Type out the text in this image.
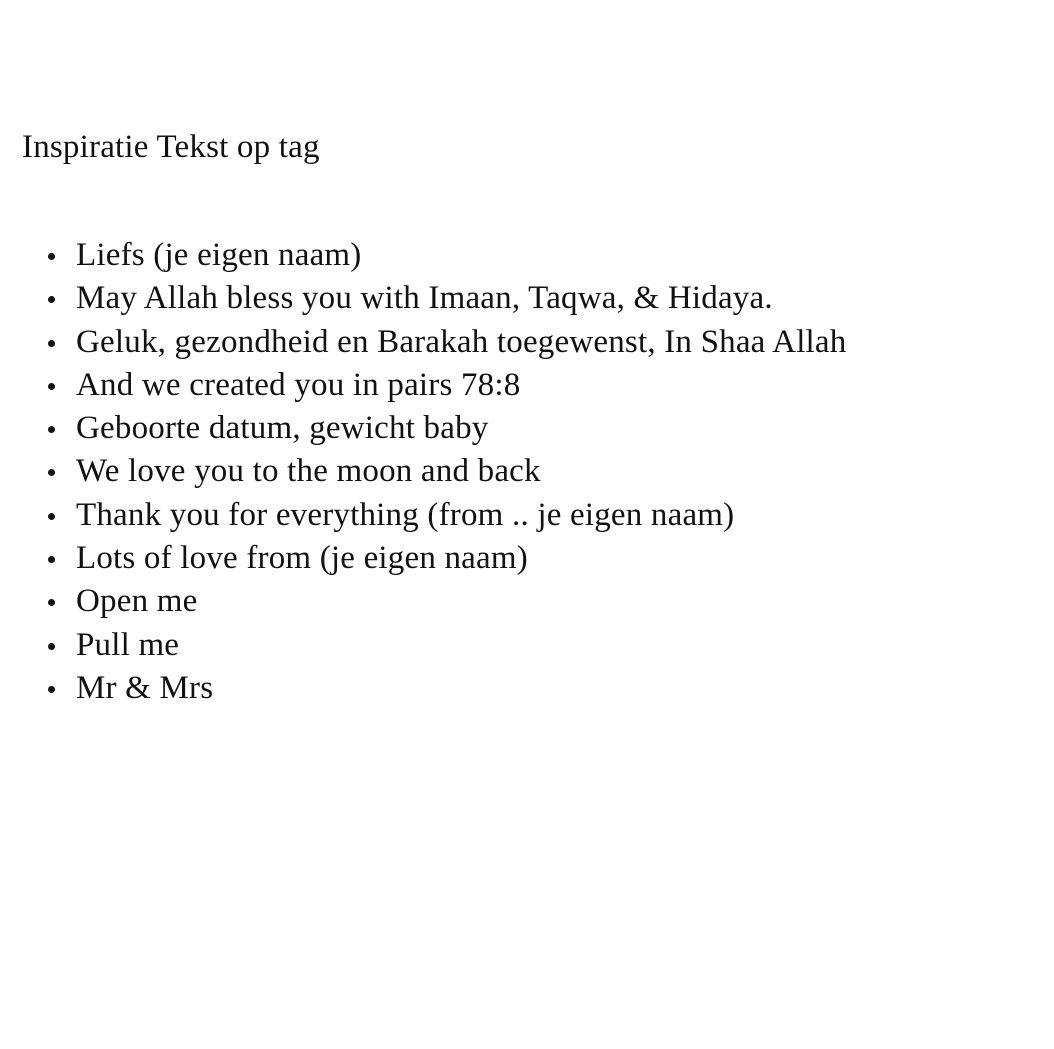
Inspiratie Tekst op tag
Liefs (je eigen naam)
May Allah bless you with Imaan, Taqwa, & Hidaya.
Geluk, gezondheid en Barakah toegewenst, In Shaa Allah
And we created you in pairs 78:8
Geboorte datum, gewicht baby
We love you to the moon and back
Thank you for everything (from .. je eigen naam)
Lots of love from (je eigen naam)
Open me
Pull me
Mr & Mrs
